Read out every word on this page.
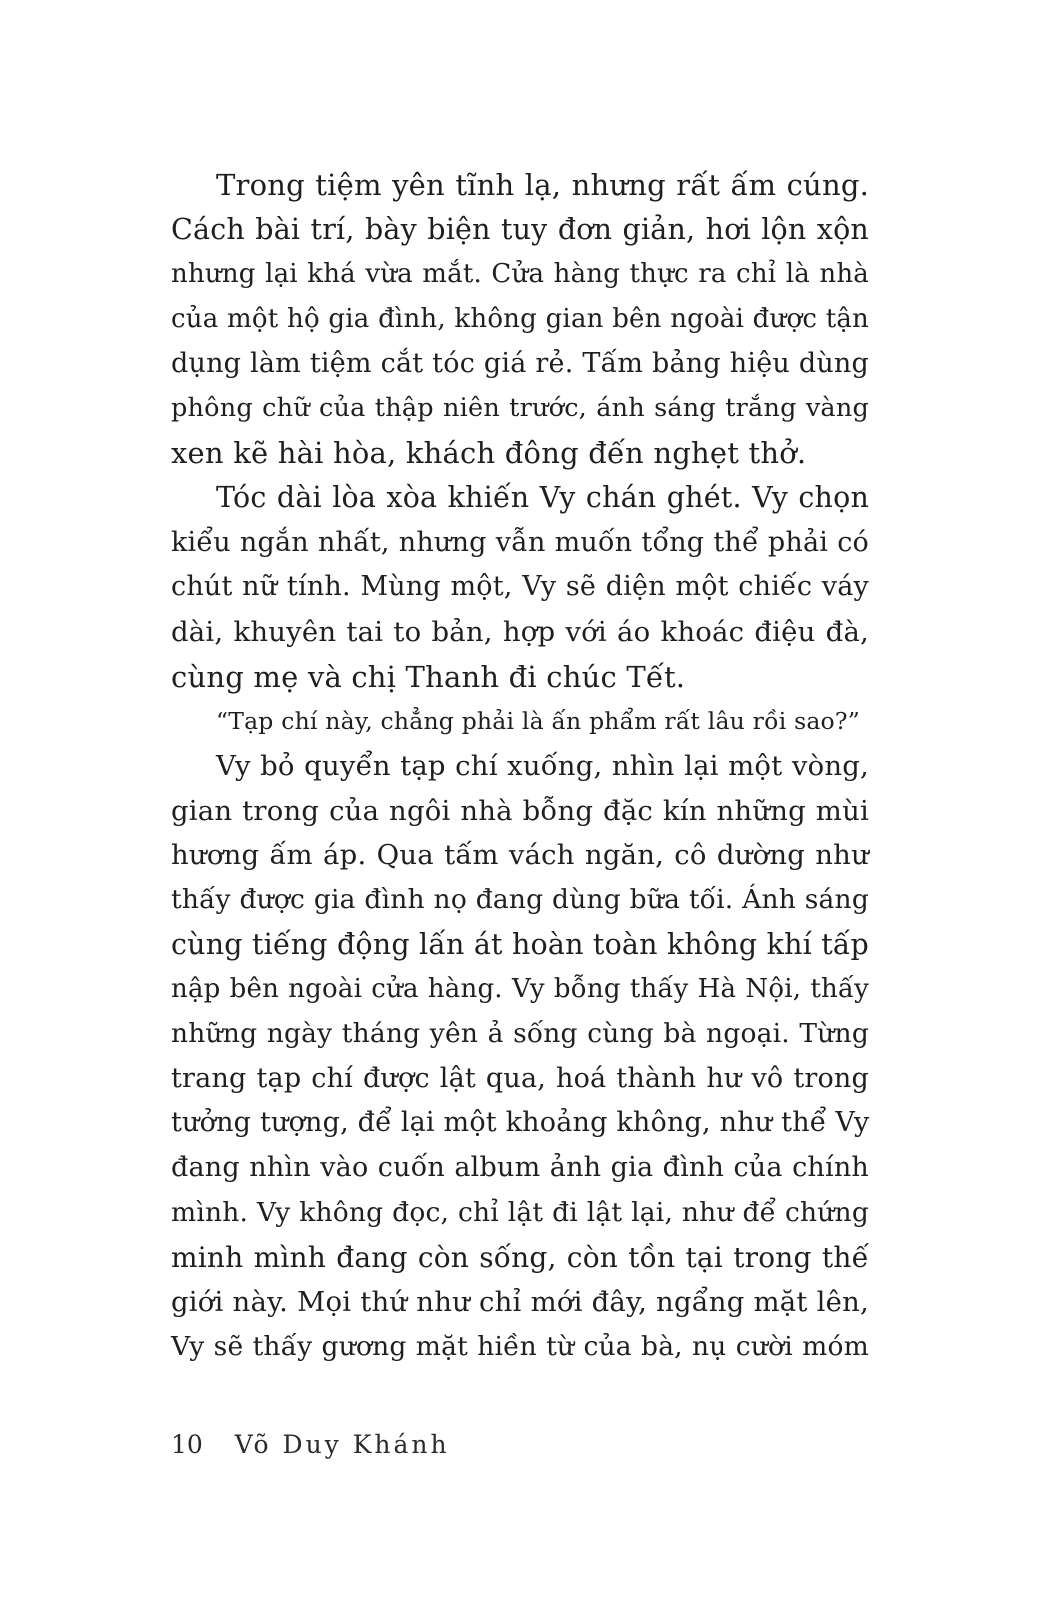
Trong tiệm yên tĩnh lạ, nhưng rất ấm cúng.
Cách bài trí, bày biện tuy đơn giản, hơi lộn xộn
nhưng lại khá vừa mắt. Cửa hàng thực ra chỉ là nhà
của một hộ gia đình, không gian bên ngoài được tận
dụng làm tiệm cắt tóc giá rẻ. Tấm bảng hiệu dùng
phông chữ của thập niên trước, ánh sáng trắng vàng
xen kẽ hài hòa, khách đông đến nghẹt thở.

Tóc dài lòa xòa khiến Vy chán ghét. Vy chọn
kiểu ngắn nhất, nhưng vẫn muốn tổng thể phải có
chút nữ tính. Mùng một, Vy sẽ diện một chiếc váy
dài, khuyên tai to bản, hợp với áo khoác điệu đà,
cùng mẹ và chị Thanh đi chúc Tết.

“Tạp chí này, chẳng phải là ấn phẩm rất lâu rồi sao?”

Vy bỏ quyển tạp chí xuống, nhìn lại một vòng,
gian trong của ngôi nhà bỗng đặc kín những mùi
hương ấm áp. Qua tấm vách ngăn, cô dường như
thấy được gia đình nọ đang dùng bữa tối. Ánh sáng
cùng tiếng động lấn át hoàn toàn không khí tấp
nập bên ngoài cửa hàng. Vy bỗng thấy Hà Nội, thấy
những ngày tháng yên ả sống cùng bà ngoại. Từng
trang tạp chí được lật qua, hoá thành hư vô trong
tưởng tượng, để lại một khoảng không, như thể Vy
đang nhìn vào cuốn album ảnh gia đình của chính
mình. Vy không đọc, chỉ lật đi lật lại, như để chứng
minh mình đang còn sống, còn tồn tại trong thế
giới này. Mọi thứ như chỉ mới đây, ngẩng mặt lên,
Vy sẽ thấy gương mặt hiền từ của bà, nụ cười móm

10 Võ Duy Khánh
